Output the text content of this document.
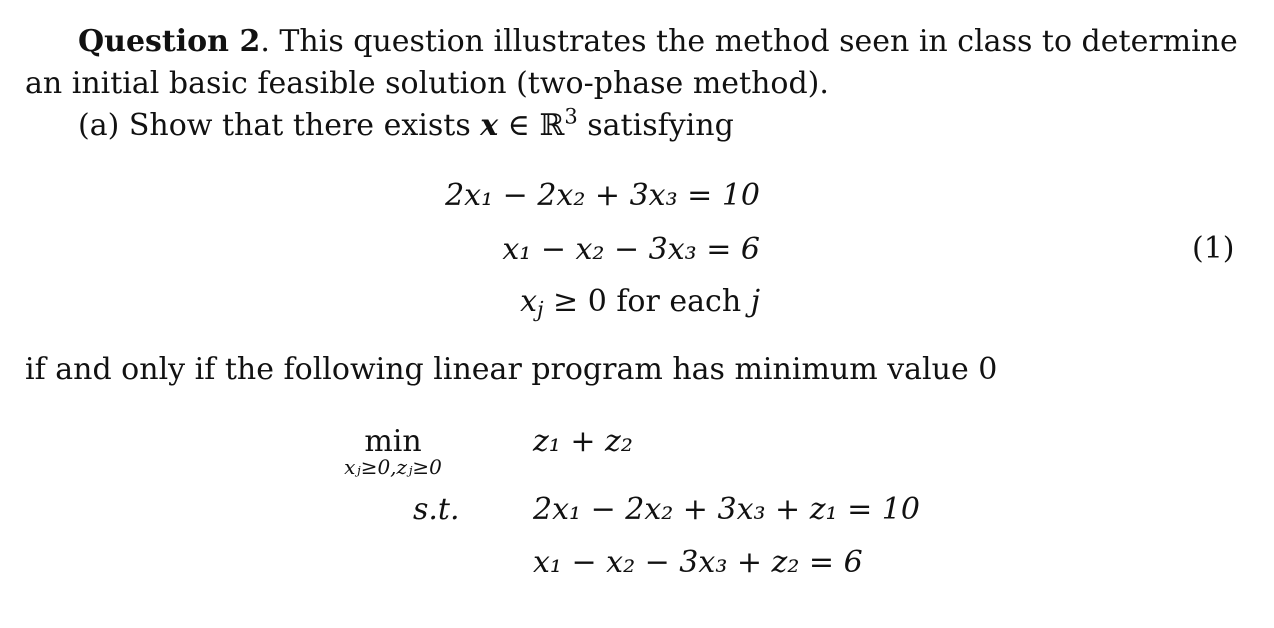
Question 2. This question illustrates the method seen in class to determine
an initial basic feasible solution (two-phase method).
(a) Show that there exists x ∈ ℝ$^3$ satisfying
2x₁ − 2x₂ + 3x₃ = 10
x₁ − x₂ − 3x₃ = 6
$x_j \ge 0$ for each j
(1)
if and only if the following linear program has minimum value 0
min
xⱼ≥0,zⱼ≥0
z₁ + z₂
s.t. 2x₁ − 2x₂ + 3x₃ + z₁ = 10
x₁ − x₂ − 3x₃ + z₂ = 6
